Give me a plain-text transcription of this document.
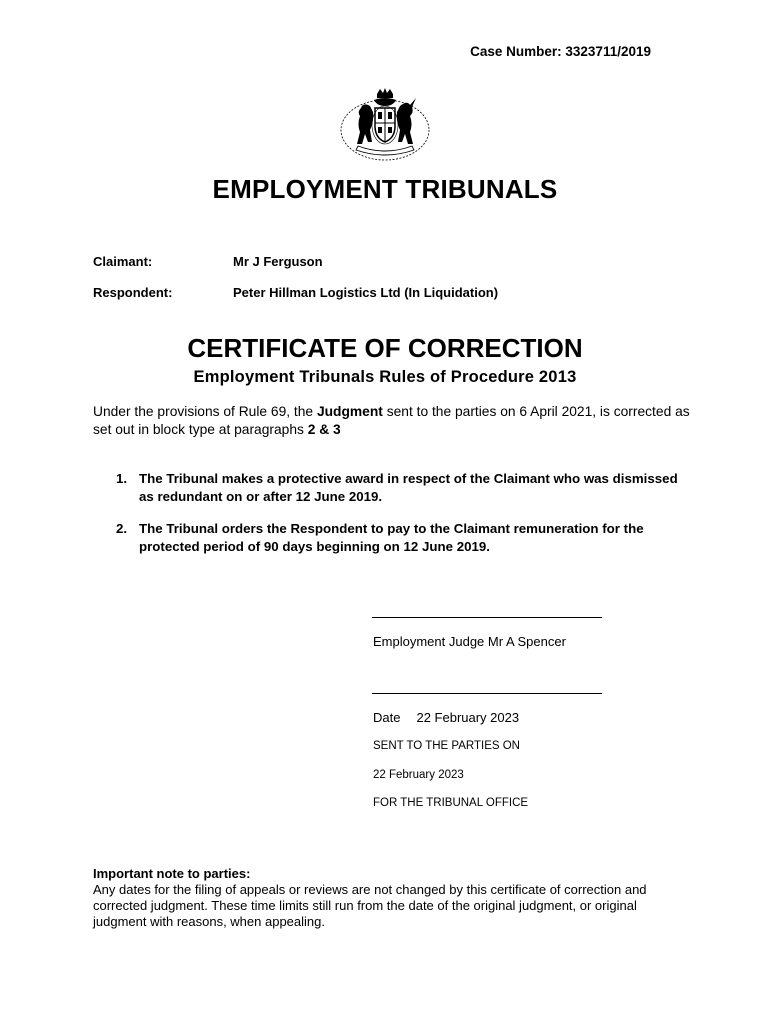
Case Number: 3323711/2019
EMPLOYMENT TRIBUNALS
Claimant:	Mr J Ferguson
Respondent:	Peter Hillman Logistics Ltd (In Liquidation)
CERTIFICATE OF CORRECTION
Employment Tribunals Rules of Procedure 2013
Under the provisions of Rule 69, the Judgment sent to the parties on 6 April 2021, is corrected as set out in block type at paragraphs 2 & 3
1. The Tribunal makes a protective award in respect of the Claimant who was dismissed as redundant on or after 12 June 2019.
2. The Tribunal orders the Respondent to pay to the Claimant remuneration for the protected period of 90 days beginning on 12 June 2019.
Employment Judge Mr A Spencer
Date 22 February 2023
SENT TO THE PARTIES ON
22 February 2023
FOR THE TRIBUNAL OFFICE
Important note to parties:
Any dates for the filing of appeals or reviews are not changed by this certificate of correction and corrected judgment. These time limits still run from the date of the original judgment, or original judgment with reasons, when appealing.
